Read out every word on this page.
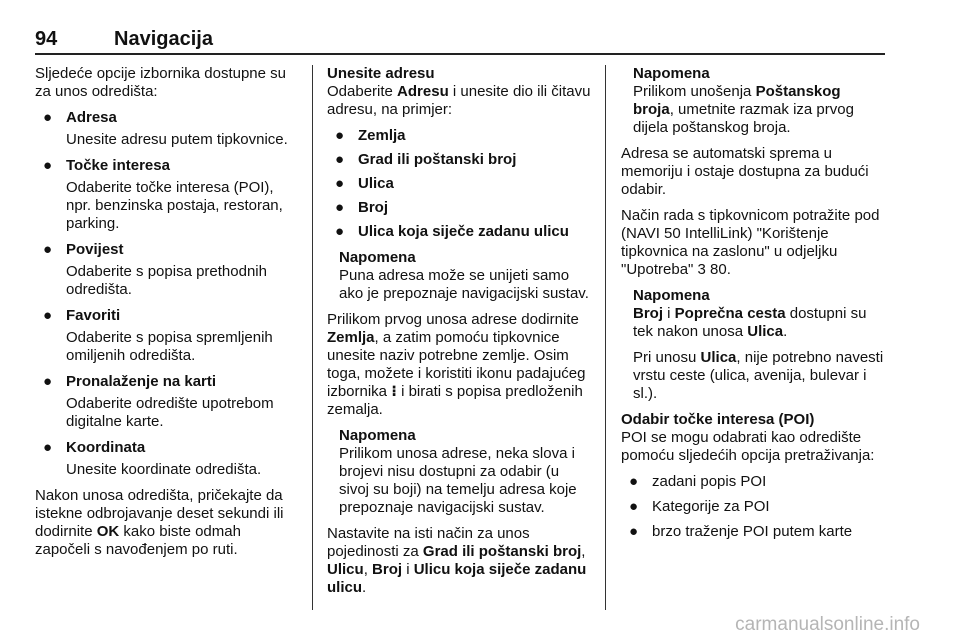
94	Navigacija

Sljedeće opcije izbornika dostupne su za unos odredišta:

● Adresa
Unesite adresu putem tipkovnice.
● Točke interesa
Odaberite točke interesa (POI), npr. benzinska postaja, restoran, parking.
● Povijest
Odaberite s popisa prethodnih odredišta.
● Favoriti
Odaberite s popisa spremljenih omiljenih odredišta.
● Pronalaženje na karti
Odaberite odredište upotrebom digitalne karte.
● Koordinata
Unesite koordinate odredišta.

Nakon unosa odredišta, pričekajte da istekne odbrojavanje deset sekundi ili dodirnite OK kako biste odmah započeli s navođenjem po ruti.

Unesite adresu

Odaberite Adresu i unesite dio ili čitavu adresu, na primjer:

● Zemlja
● Grad ili poštanski broj
● Ulica
● Broj
● Ulica koja siječe zadanu ulicu
Napomena
Puna adresa može se unijeti samo ako je prepoznaje navigacijski sustav.

Prilikom prvog unosa adrese dodirnite Zemlja, a zatim pomoću tipkovnice unesite naziv potrebne zemlje. Osim toga, možete i koristiti ikonu padajućeg izbornika ⁝ i birati s popisa predloženih zemalja.

Napomena
Prilikom unosa adrese, neka slova i brojevi nisu dostupni za odabir (u sivoj su boji) na temelju adresa koje prepoznaje navigacijski sustav.

Nastavite na isti način za unos pojedinosti za Grad ili poštanski broj, Ulicu, Broj i Ulicu koja siječe zadanu ulicu.

Napomena
Prilikom unošenja Poštanskog broja, umetnite razmak iza prvog dijela poštanskog broja.

Adresa se automatski sprema u memoriju i ostaje dostupna za budući odabir.

Način rada s tipkovnicom potražite pod (NAVI 50 IntelliLink) "Korištenje tipkovnica na zaslonu" u odjeljku "Upotreba" 3 80.

Napomena

Broj i Poprečna cesta dostupni su tek nakon unosa Ulica.

Pri unosu Ulica, nije potrebno navesti vrstu ceste (ulica, avenija, bulevar i sl.).

Odabir točke interesa (POI)

POI se mogu odabrati kao odredište pomoću sljedećih opcija pretraživanja:

● zadani popis POI
● Kategorije za POI
● brzo traženje POI putem karte
carmanualsonline.info
